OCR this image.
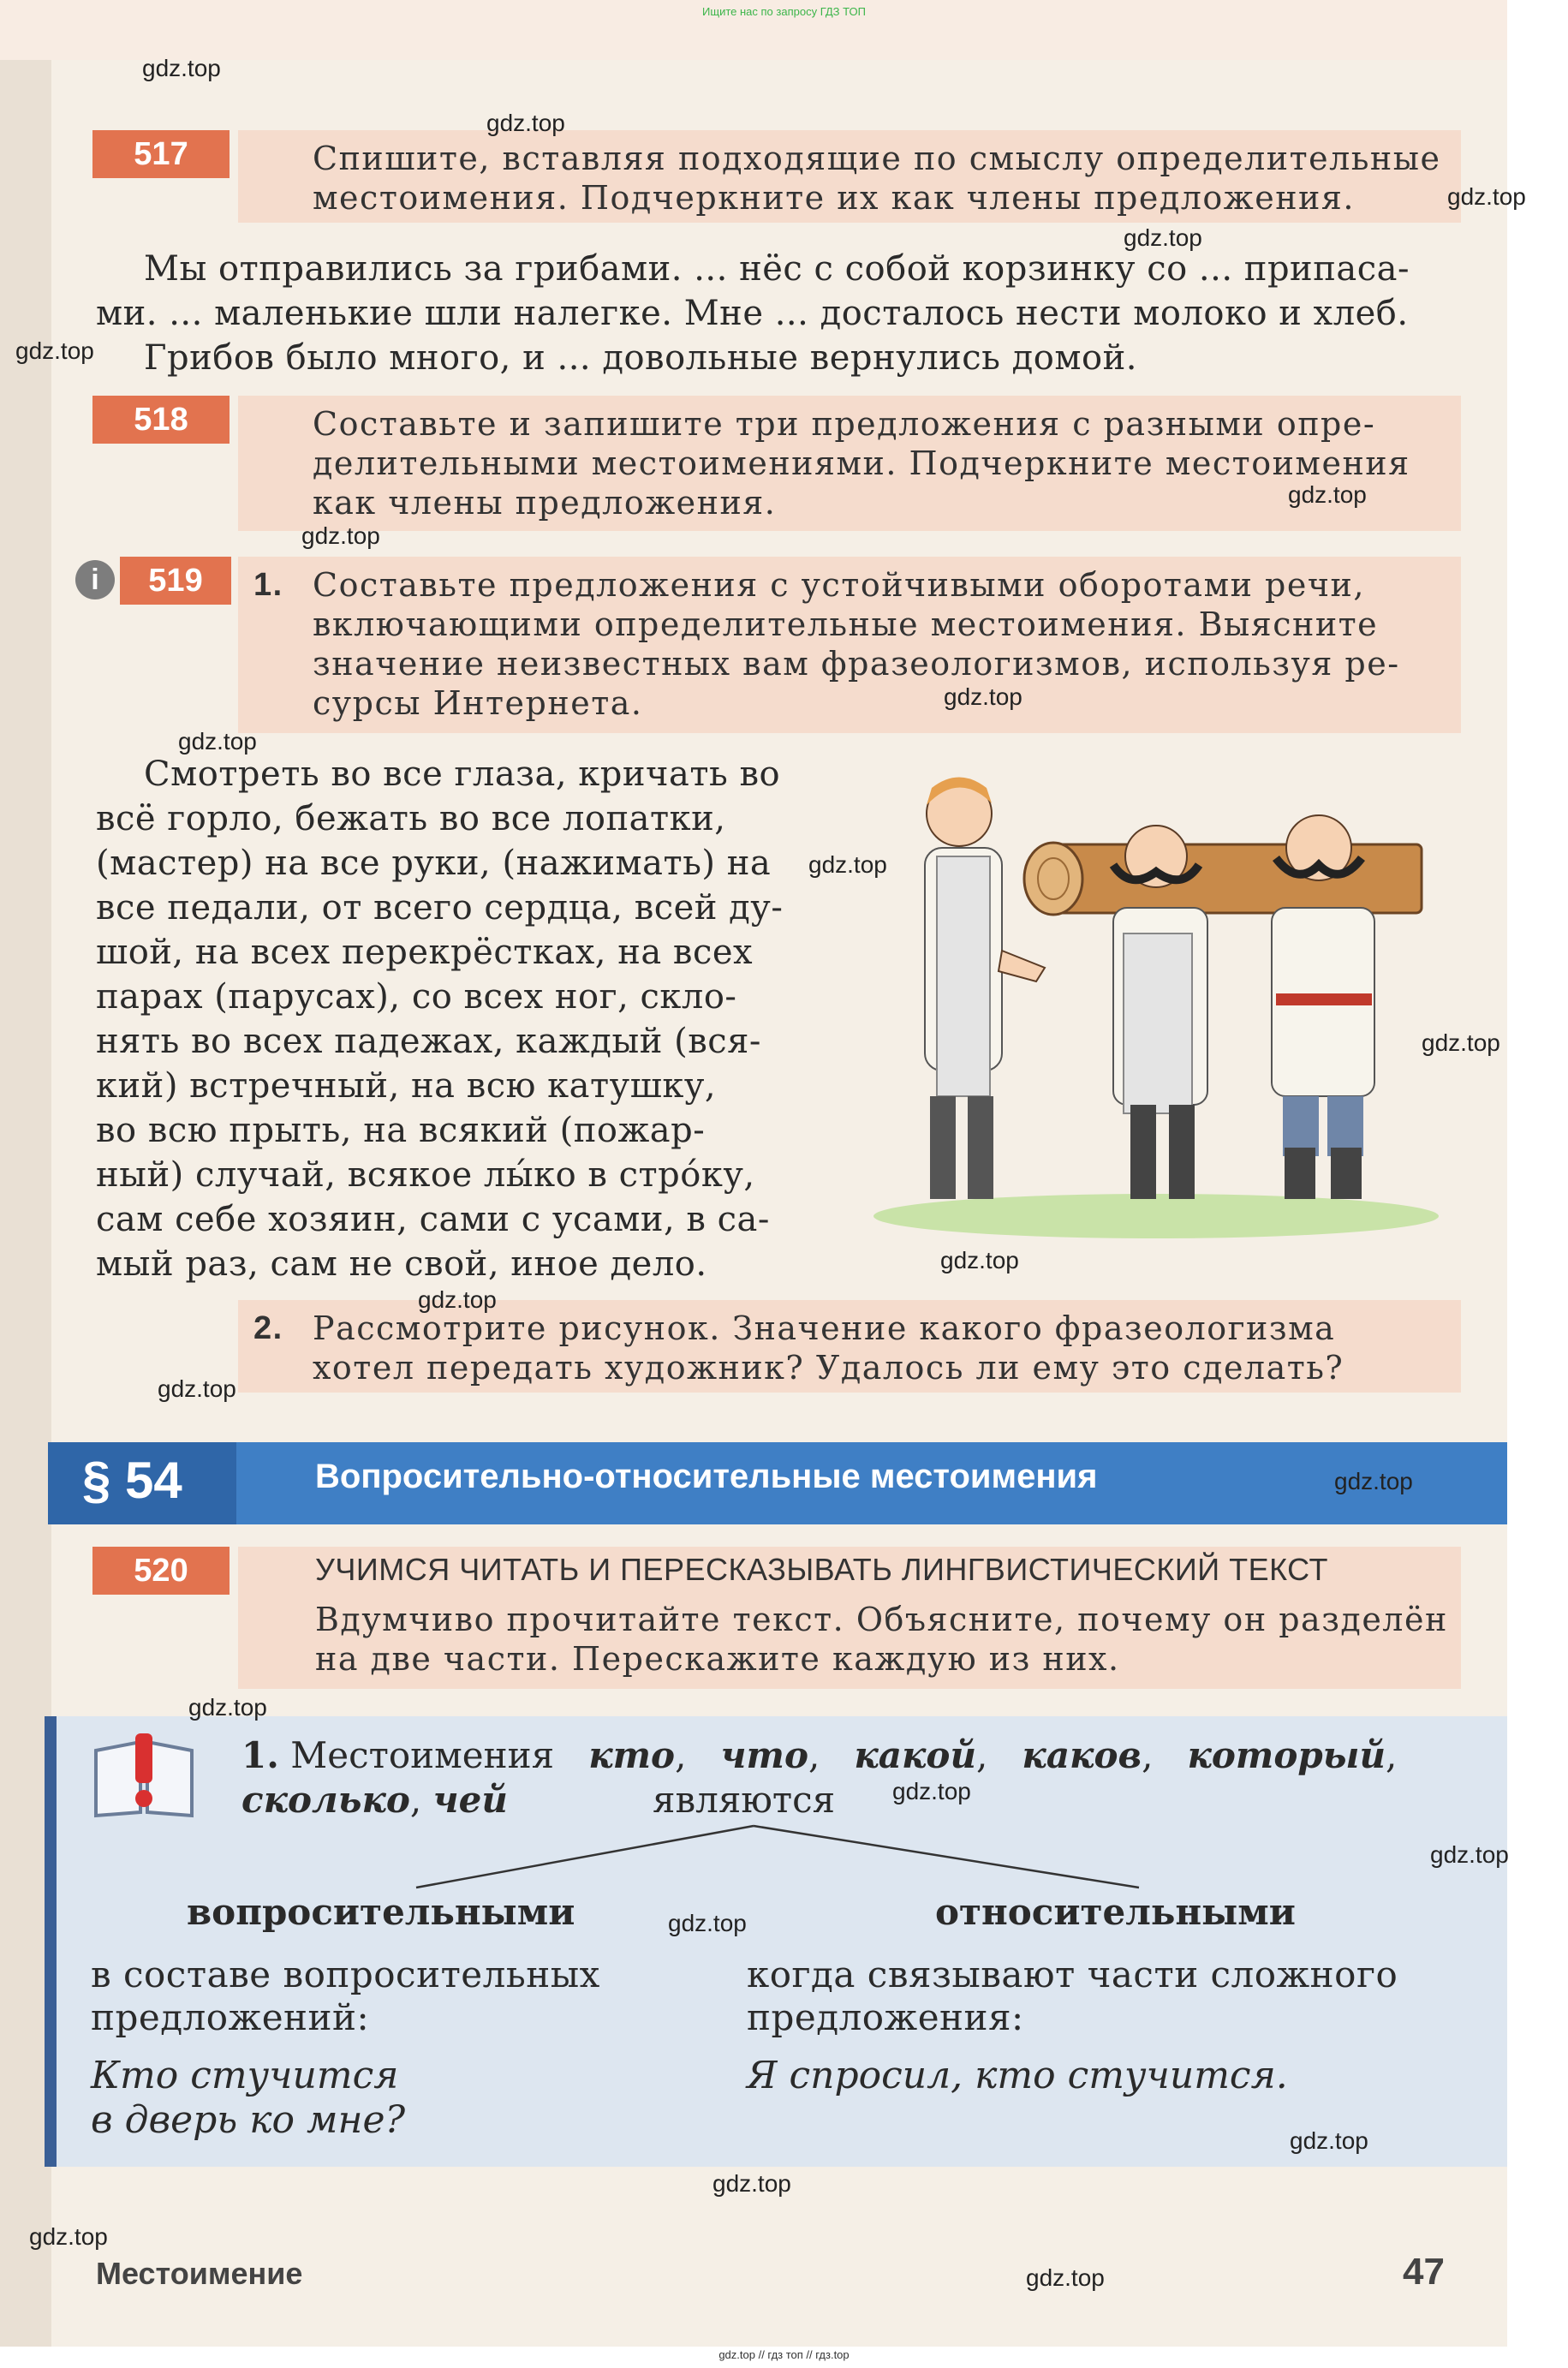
Ищите нас по запросу ГДЗ ТОП
517	Спишите, вставляя подходящие по смыслу определительные
местоимения. Подчеркните их как члены предложения.
Мы отправились за грибами. ... нёс с собой корзинку со ... припаса-
ми. ... маленькие шли налегке. Мне ... досталось нести молоко и хлеб.
Грибов было много, и ... довольные вернулись домой.
518	Составьте и запишите три предложения с разными опре-
делительными местоимениями. Подчеркните местоимения
как члены предложения.
i	519	1. Составьте предложения с устойчивыми оборотами речи,
включающими определительные местоимения. Выясните
значение неизвестных вам фразеологизмов, используя ре-
сурсы Интернета.
Смотреть во все глаза, кричать во
всё горло, бежать во все лопатки,
(мастер) на все руки, (нажимать) на
все педали, от всего сердца, всей ду-
шой, на всех перекрёстках, на всех
парах (парусах), со всех ног, скло-
нять во всех падежах, каждый (вся-
кий) встречный, на всю катушку,
во всю прыть, на всякий (пожар-
ный) случай, всякое лы́ко в стро́ку,
сам себе хозяин, сами с усами, в са-
мый раз, сам не свой, иное дело.
2. Рассмотрите рисунок. Значение какого фразеологизма
хотел передать художник? Удалось ли ему это сделать?
§ 54	Вопросительно-относительные местоимения
520	УЧИМСЯ ЧИТАТЬ И ПЕРЕСКАЗЫВАТЬ ЛИНГВИСТИЧЕСКИЙ ТЕКСТ
Вдумчиво прочитайте текст. Объясните, почему он разделён
на две части. Перескажите каждую из них.
1. Местоимения кто,   что,   какой,   каков,   который,
сколько, чей	являются
вопросительными	относительными
в составе вопросительных
предложений:
Кто стучится
в дверь ко мне?
когда связывают части сложного
предложения:
Я спросил, кто стучится.
Местоимение	47
gdz.top
gdz.top
gdz.top
gdz.top
gdz.top
gdz.top
gdz.top
gdz.top
gdz.top
gdz.top
gdz.top
gdz.top
gdz.top
gdz.top
gdz.top
gdz.top
gdz.top
gdz.top
gdz.top
gdz.top
gdz.top
gdz.top
gdz.top
gdz.top // гдз топ // гдз.top
